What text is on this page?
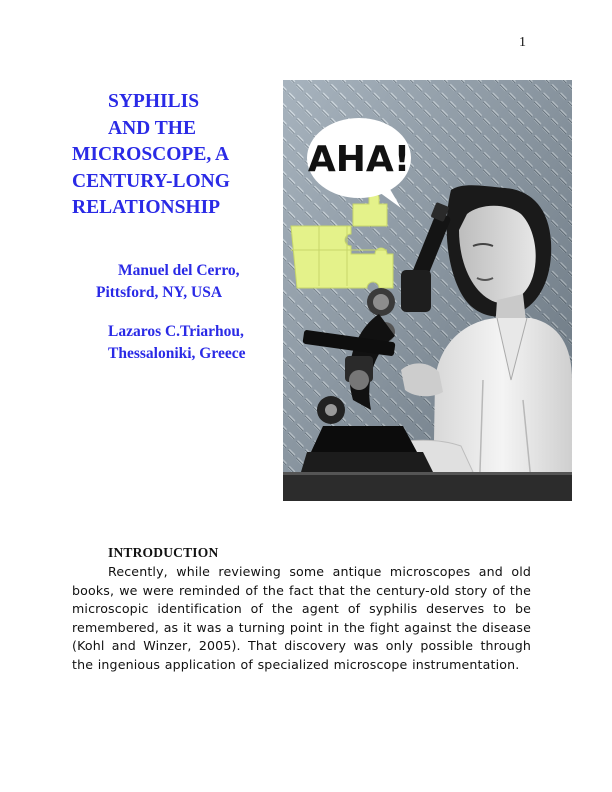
1
SYPHILIS
AND THE
MICROSCOPE, A
CENTURY-LONG
RELATIONSHIP
Manuel del Cerro,
Pittsford, NY, USA
Lazaros C.Triarhou,
Thessaloniki, Greece
AHA!
INTRODUCTION

Recently, while reviewing some antique microscopes and old books, we were reminded of the fact that the century-old story of the microscopic identification of the agent of syphilis deserves to be remembered, as it was a turning point in the fight against the disease (Kohl and Winzer, 2005). That discovery was only possible through the ingenious application of specialized microscope instrumentation.
